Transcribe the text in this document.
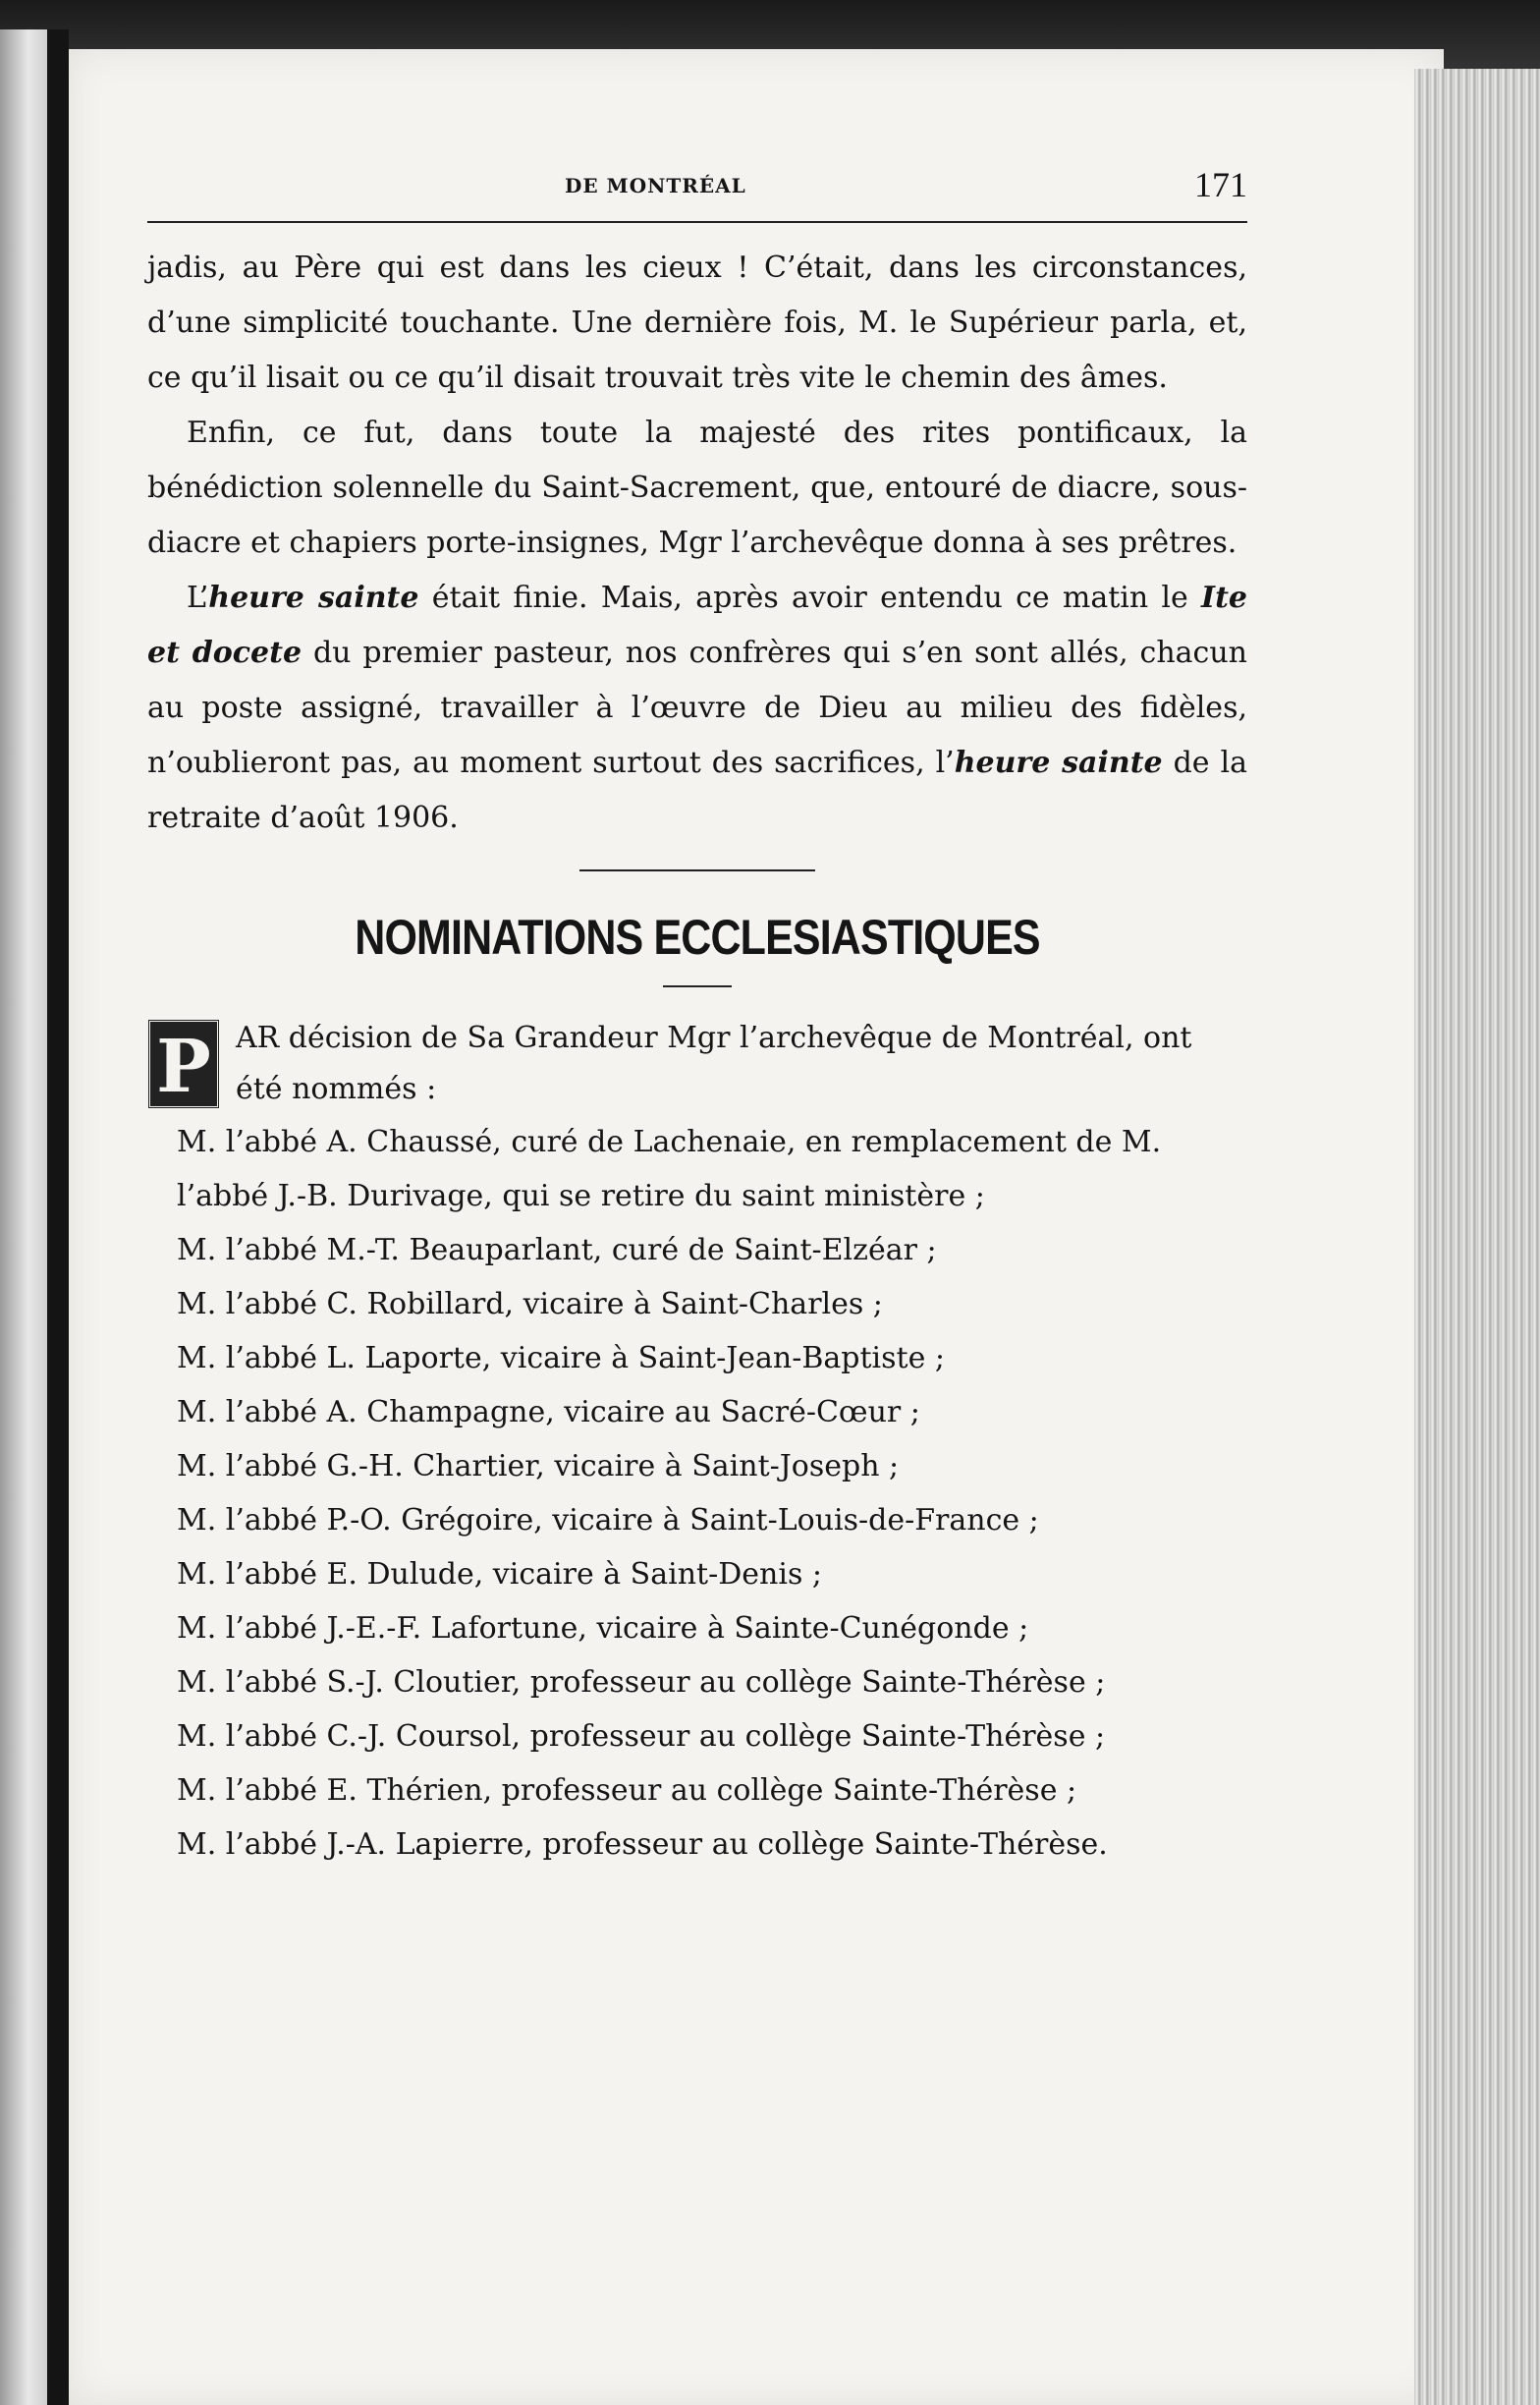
DE MONTRÉAL	171

jadis, au Père qui est dans les cieux ! C’était, dans les circonstances, d’une simplicité touchante. Une dernière fois, M. le Supérieur parla, et, ce qu’il lisait ou ce qu’il disait trouvait très vite le chemin des âmes.

Enfin, ce fut, dans toute la majesté des rites pontificaux, la bénédiction solennelle du Saint-Sacrement, que, entouré de diacre, sous-diacre et chapiers porte-insignes, Mgr l’archevêque donna à ses prêtres.

L’heure sainte était finie. Mais, après avoir entendu ce matin le Ite et docete du premier pasteur, nos confrères qui s’en sont allés, chacun au poste assigné, travailler à l’œuvre de Dieu au milieu des fidèles, n’oublieront pas, au moment surtout des sacrifices, l’heure sainte de la retraite d’août 1906.

NOMINATIONS ECCLESIASTIQUES
P AR décision de Sa Grandeur Mgr l’archevêque de Montréal, ont été nommés :

M. l’abbé A. Chaussé, curé de Lachenaie, en remplacement de M. l’abbé J.-B. Durivage, qui se retire du saint ministère ;

M. l’abbé M.-T. Beauparlant, curé de Saint-Elzéar ;

M. l’abbé C. Robillard, vicaire à Saint-Charles ;

M. l’abbé L. Laporte, vicaire à Saint-Jean-Baptiste ;

M. l’abbé A. Champagne, vicaire au Sacré-Cœur ;

M. l’abbé G.-H. Chartier, vicaire à Saint-Joseph ;

M. l’abbé P.-O. Grégoire, vicaire à Saint-Louis-de-France ;

M. l’abbé E. Dulude, vicaire à Saint-Denis ;

M. l’abbé J.-E.-F. Lafortune, vicaire à Sainte-Cunégonde ;

M. l’abbé S.-J. Cloutier, professeur au collège Sainte-Thérèse ;

M. l’abbé C.-J. Coursol, professeur au collège Sainte-Thérèse ;

M. l’abbé E. Thérien, professeur au collège Sainte-Thérèse ;

M. l’abbé J.-A. Lapierre, professeur au collège Sainte-Thérèse.
